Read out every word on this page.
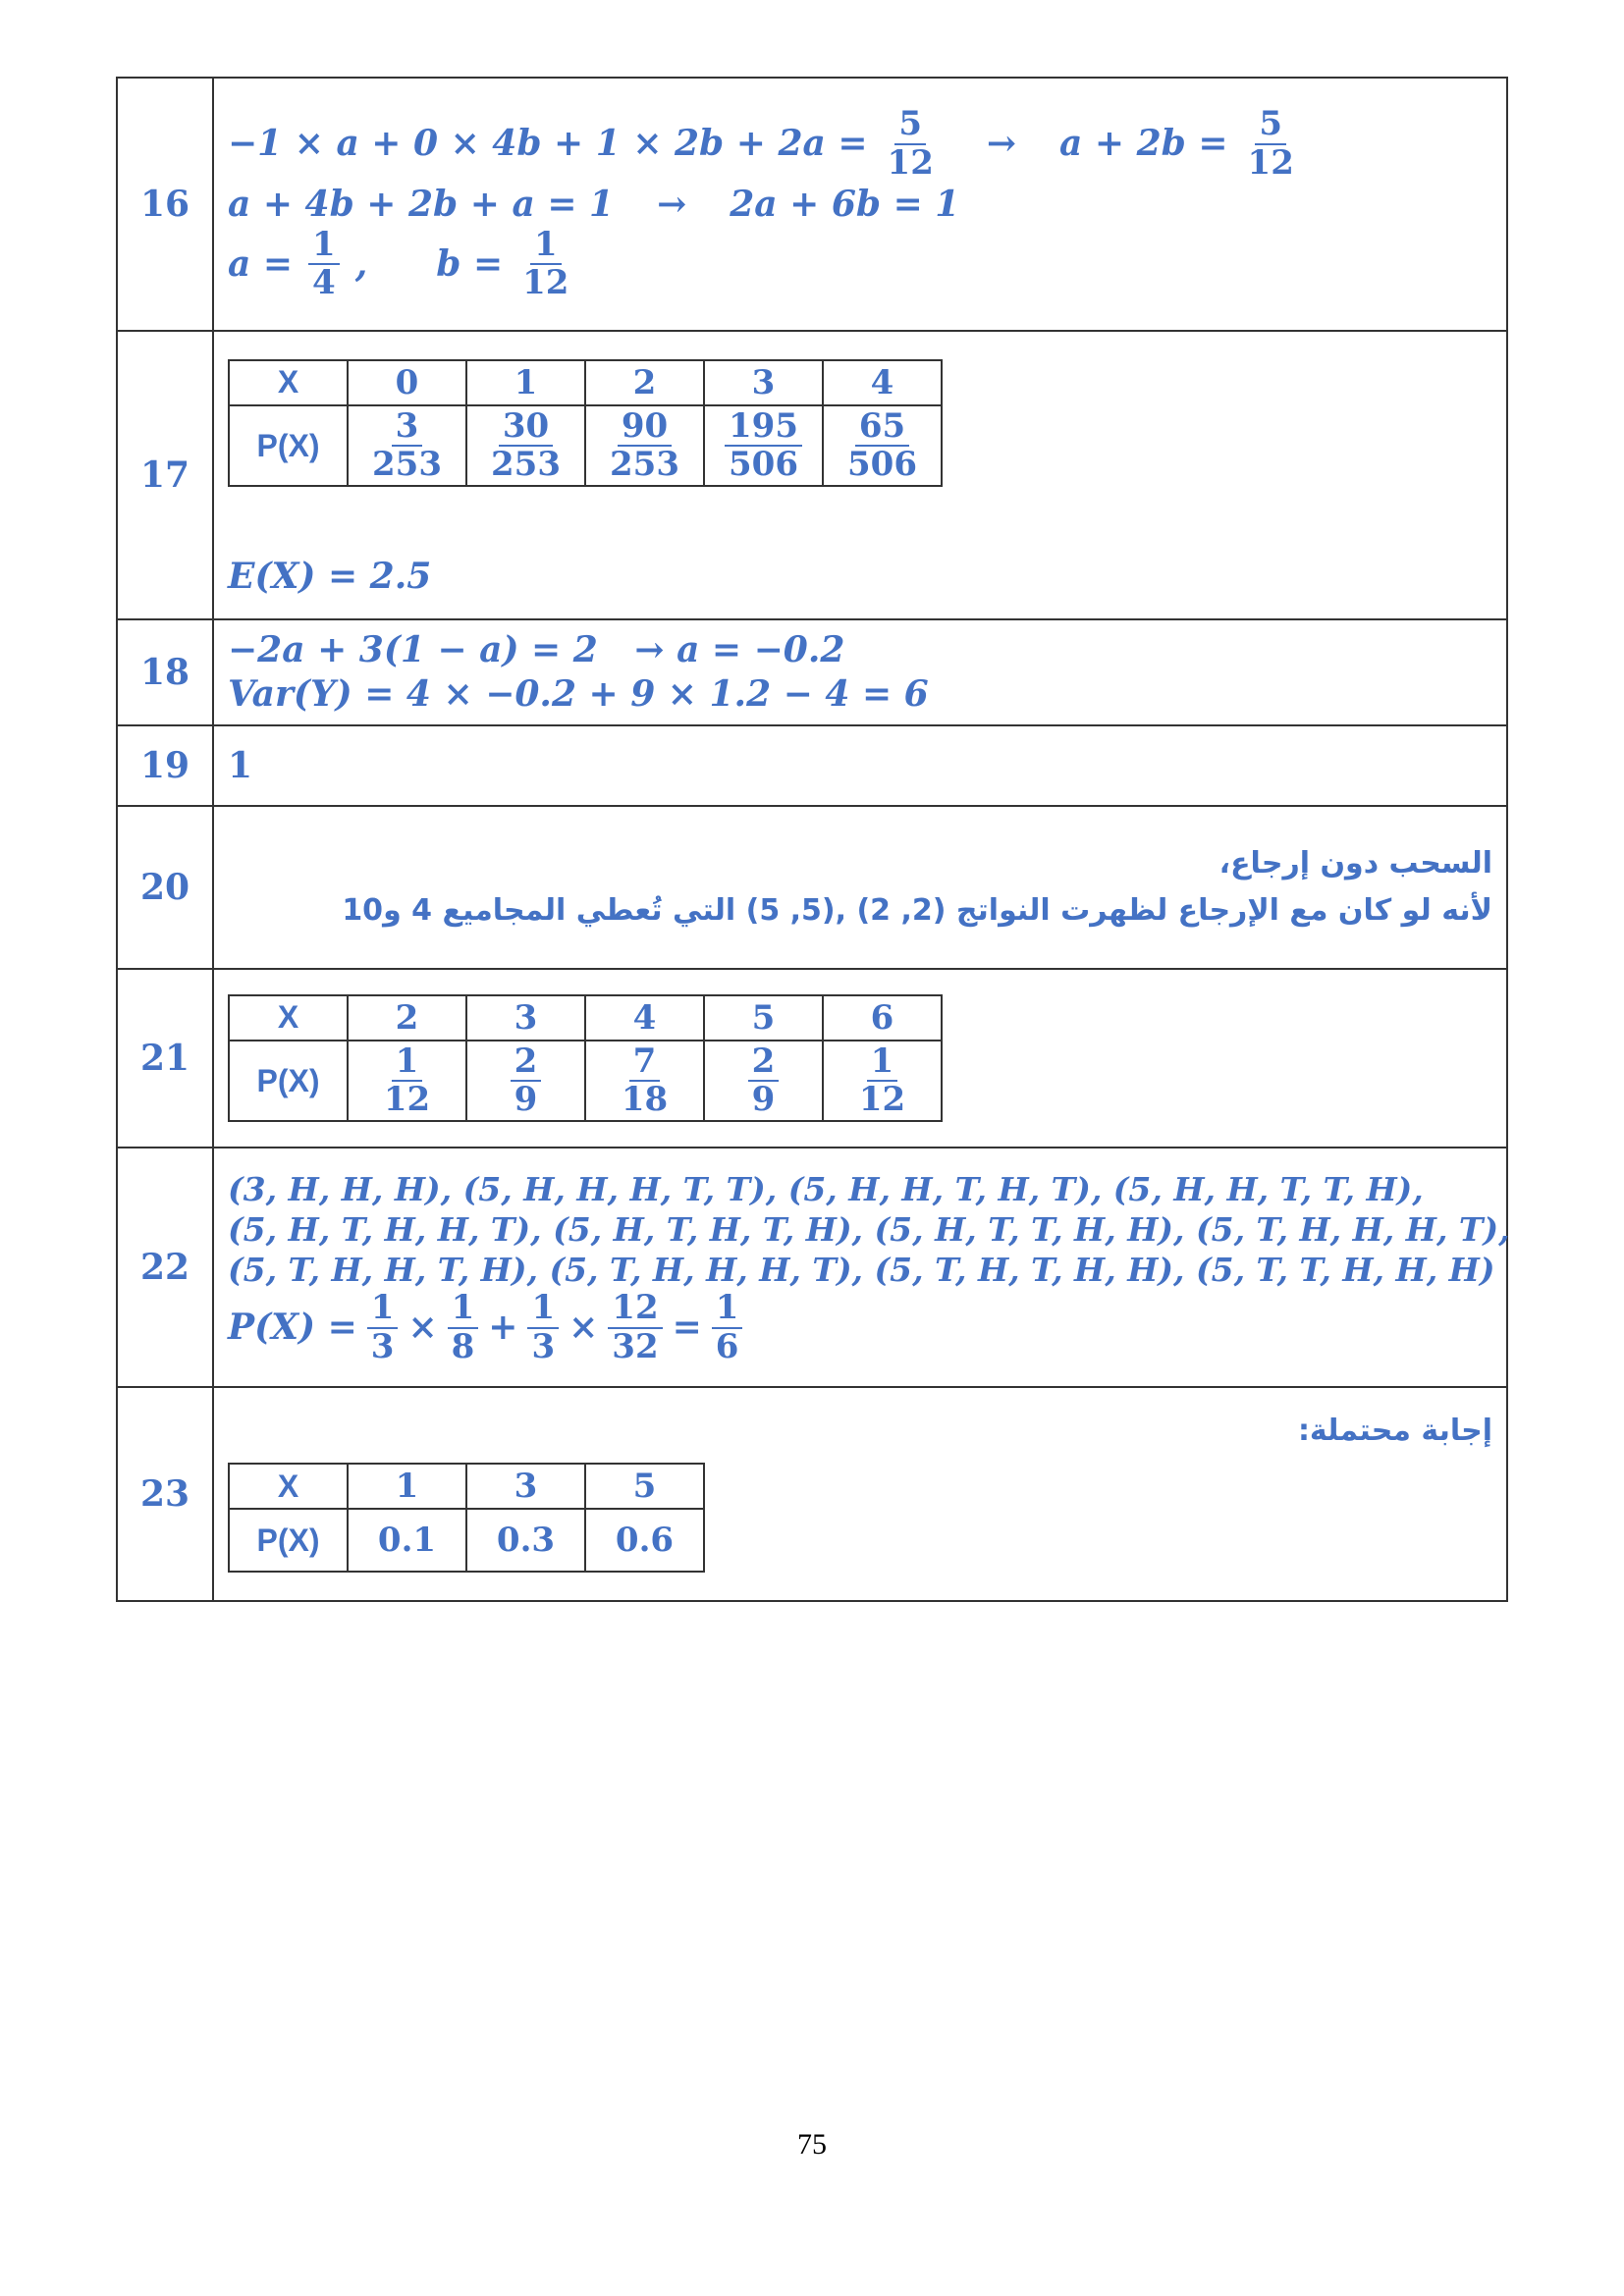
16	
$-1 \times a + 0 \times 4b + 1 \times 2b + 2a = \frac{5}{12} \to a + 2b = \frac{5}{12}$
a + 4b + 2b + a = 1 → 2a + 6b = 1
$a = \frac{1}{4}$ , $b = \frac{1}{12}$

17	
X	0	1	2	3	4
P(X)	$\frac{3}{253}$	$\frac{30}{253}$	$\frac{90}{253}$	$\frac{195}{506}$	$\frac{65}{506}$
E(X) = 2.5

18	
−2a + 3(1 − a) = 2   → a = −0.2
Var(Y) = 4 × −0.2 + 9 × 1.2 − 4 = 6

19	1

20	
السحب دون إرجاع،
لأنه لو كان مع الإرجاع لظهرت النواتج (2, 2) ,(5, 5) التي تُعطي المجاميع 4 و10

21	
X	2	3	4	5	6
P(X)	$\frac{1}{12}$	$\frac{2}{9}$	$\frac{7}{18}$	$\frac{2}{9}$	$\frac{1}{12}$

22	
(3, H, H, H), (5, H, H, H, T, T), (5, H, H, T, H, T), (5, H, H, T, T, H),
(5, H, T, H, H, T), (5, H, T, H, T, H), (5, H, T, T, H, H), (5, T, H, H, H, T),
(5, T, H, H, T, H), (5, T, H, H, H, T), (5, T, H, T, H, H), (5, T, T, H, H, H)
$P(X) = \frac{1}{3} \times \frac{1}{8} + \frac{1}{3} \times \frac{12}{32} = \frac{1}{6}$

23	
إجابة محتملة:
X	1	3	5
P(X)	0.1	0.3	0.6
75
